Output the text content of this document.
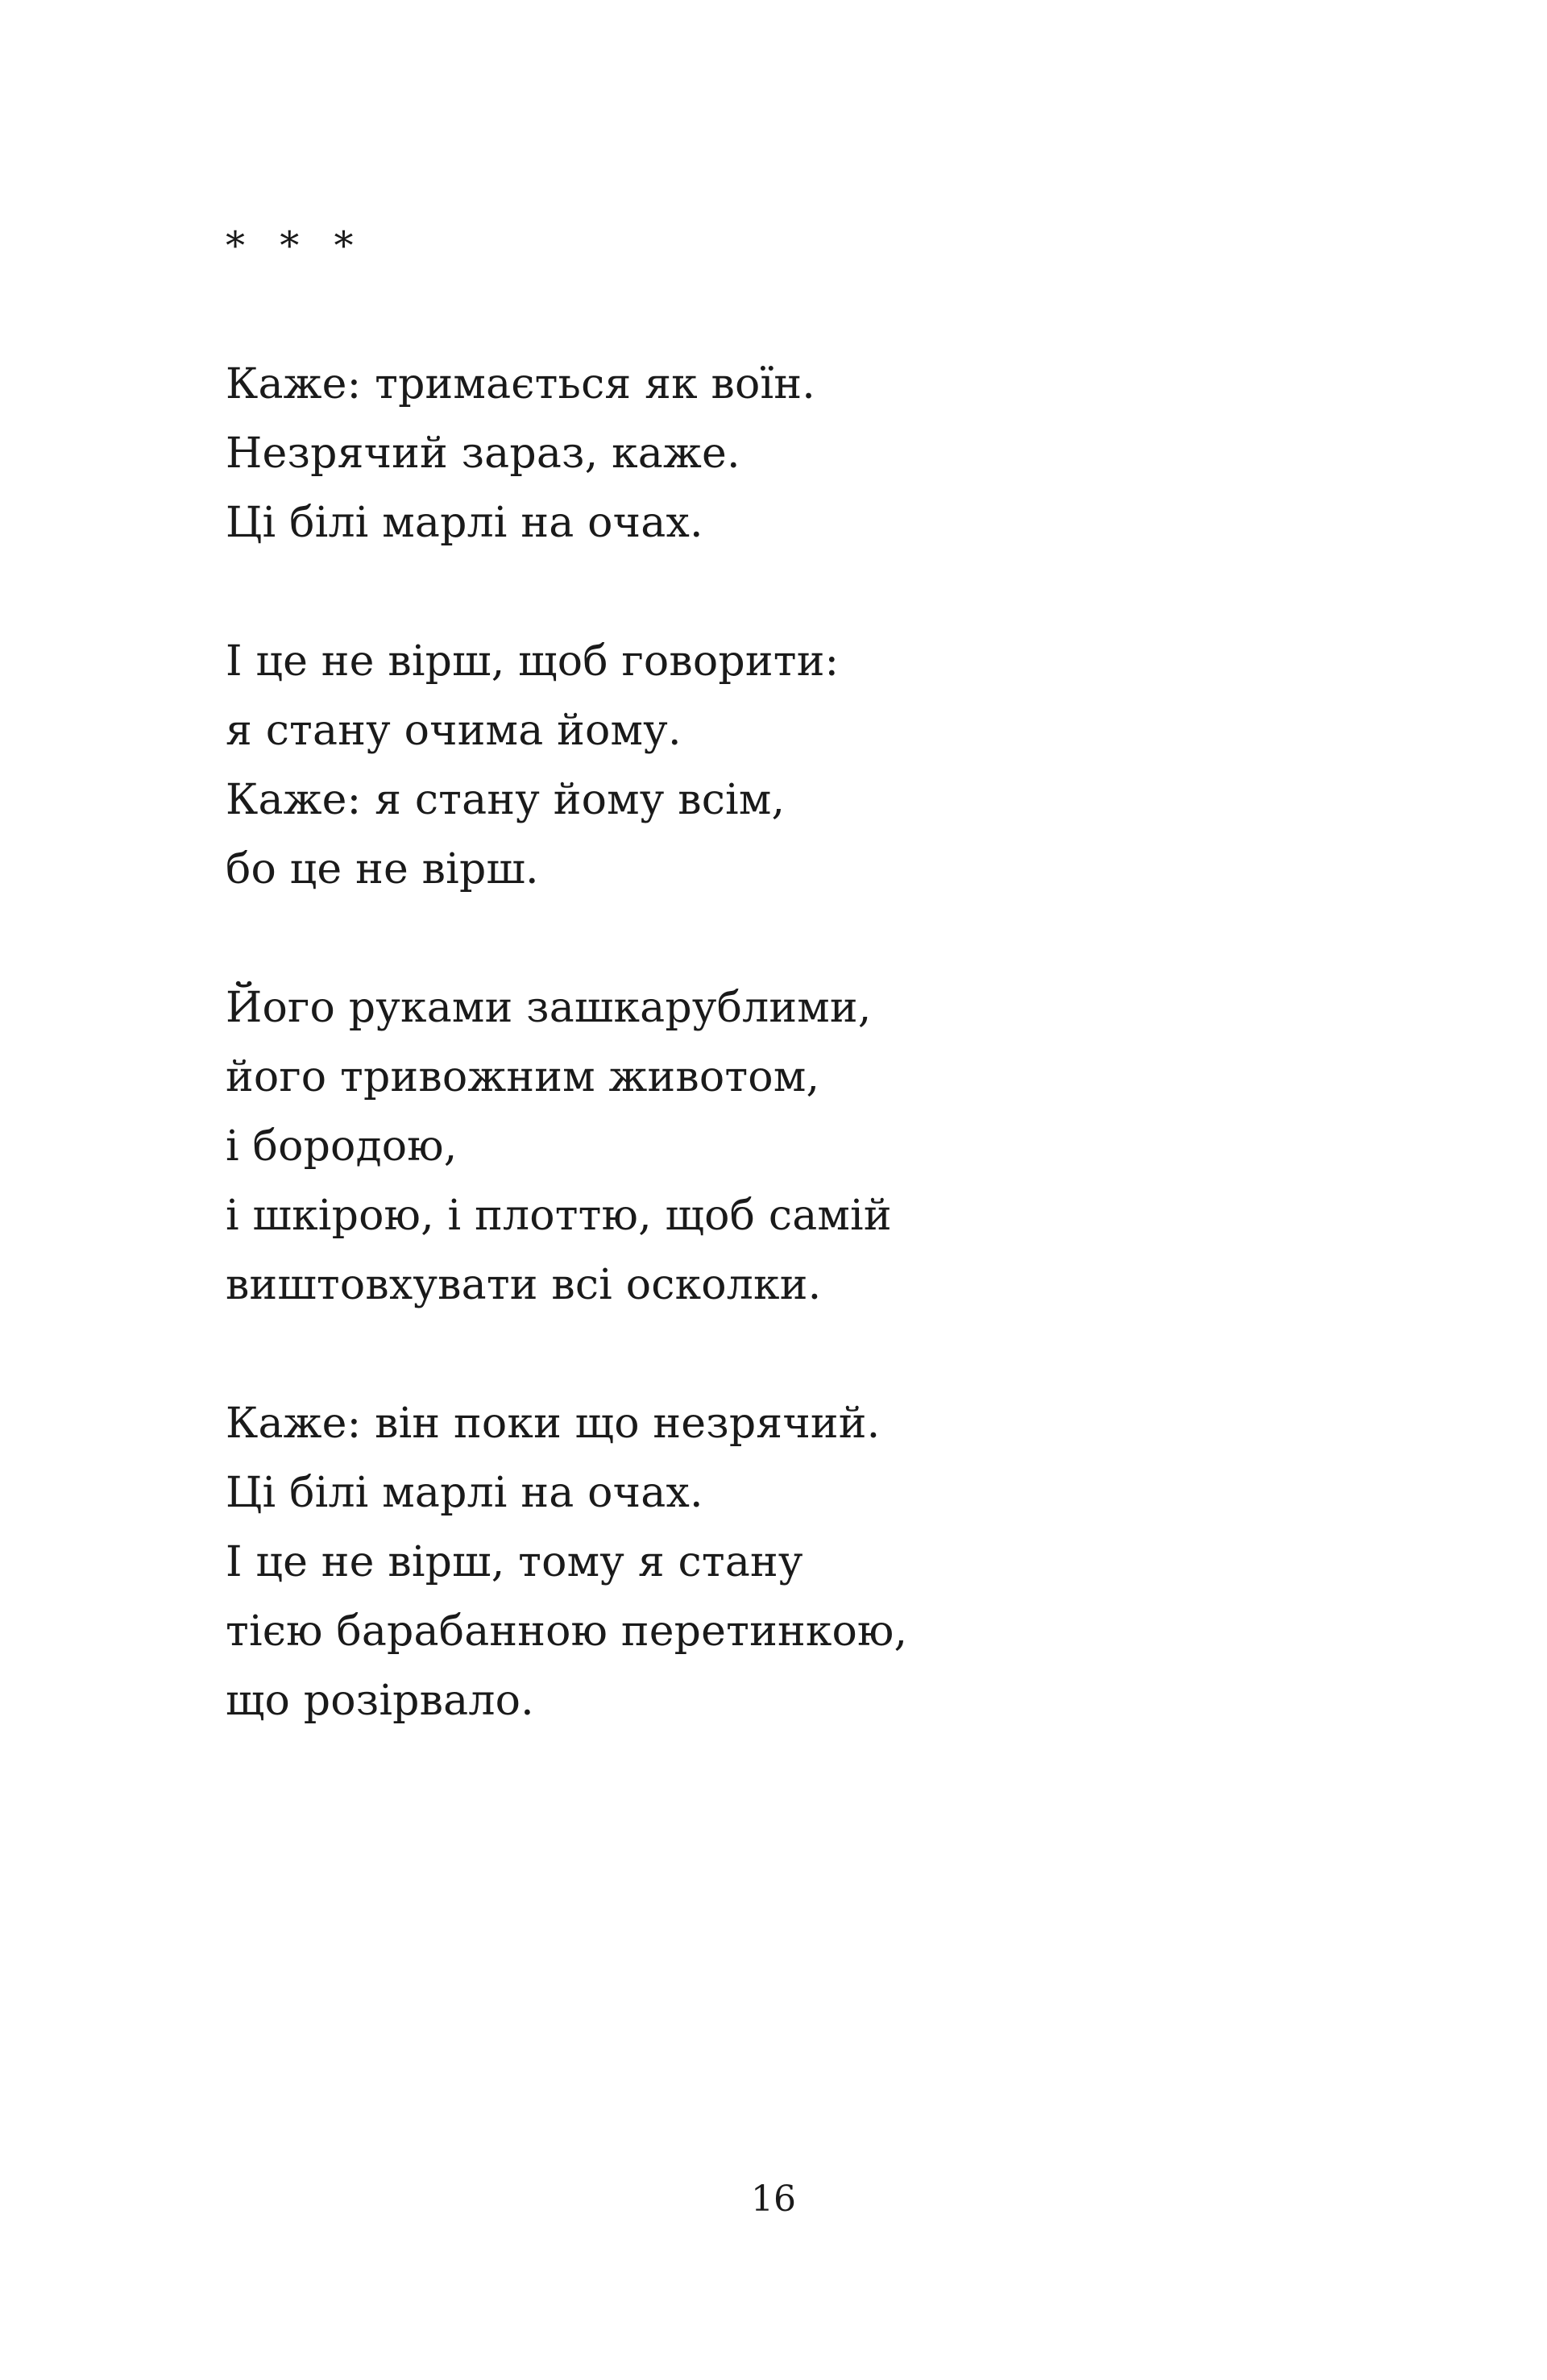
* * *
Каже: тримається як воїн.
Незрячий зараз, каже.
Ці білі марлі на очах.
І це не вірш, щоб говорити:
я стану очима йому.
Каже: я стану йому всім,
бо це не вірш.
Його руками зашкарублими,
його тривожним животом,
і бородою,
і шкірою, і плоттю, щоб самій
виштовхувати всі осколки.
Каже: він поки що незрячий.
Ці білі марлі на очах.
І це не вірш, тому я стану
тією барабанною перетинкою,
що розірвало.
16
